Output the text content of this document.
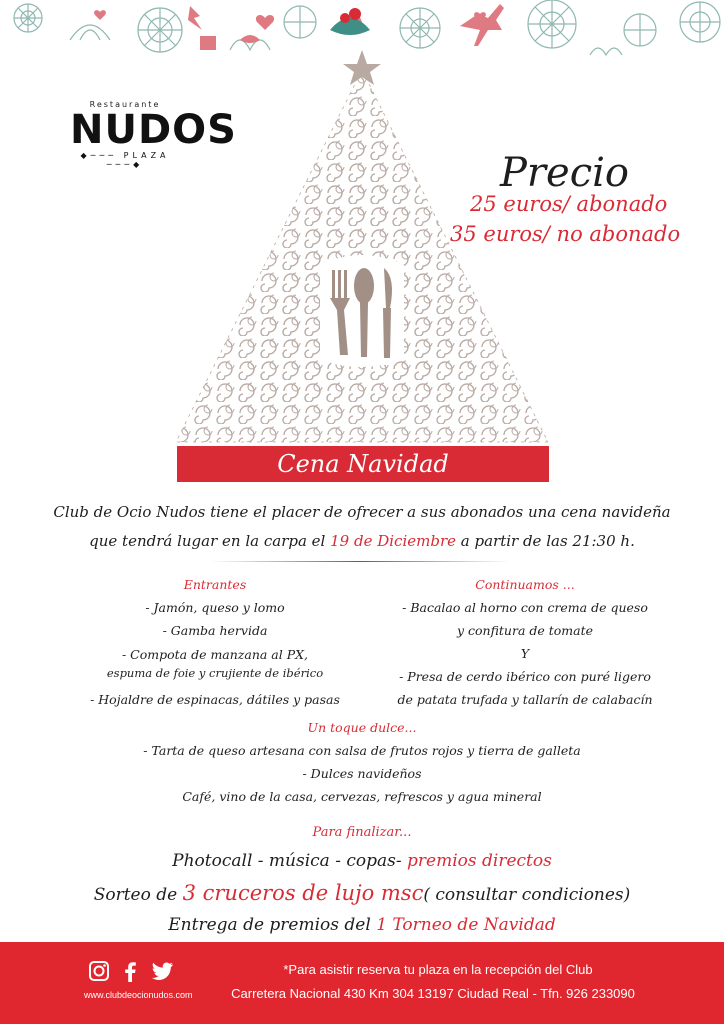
Restaurante
NUDOS
◆─── PLAZA ───◆	Precio
25 euros/ abonado
35 euros/ no abonado
Cena Navidad
Club de Ocio Nudos tiene el placer de ofrecer a sus abonados una cena navideña
que tendrá lugar en la carpa el 19 de Diciembre a partir de las 21:30 h.
Entrantes
- Jamón, queso y lomo
- Gamba hervida
- Compota de manzana al PX,
espuma de foie y crujiente de ibérico
- Hojaldre de espinacas, dátiles y pasas
Continuamos ...
- Bacalao al horno con crema de queso
y confitura de tomate
Y
- Presa de cerdo ibérico con puré ligero
de patata trufada y tallarín de calabacín
Un toque dulce...
- Tarta de queso artesana con salsa de frutos rojos y tierra de galleta
- Dulces navideños
Café, vino de la casa, cervezas, refrescos y agua mineral
Para finalizar...
Photocall - música - copas- premios directos
Sorteo de 3 cruceros de lujo msc( consultar condiciones)
Entrega de premios del 1 Torneo de Navidad
www.clubdeocionudos.com
*Para asistir reserva tu plaza en la recepción del Club
Carretera Nacional 430 Km 304 13197 Ciudad Real - Tfn. 926 233090
